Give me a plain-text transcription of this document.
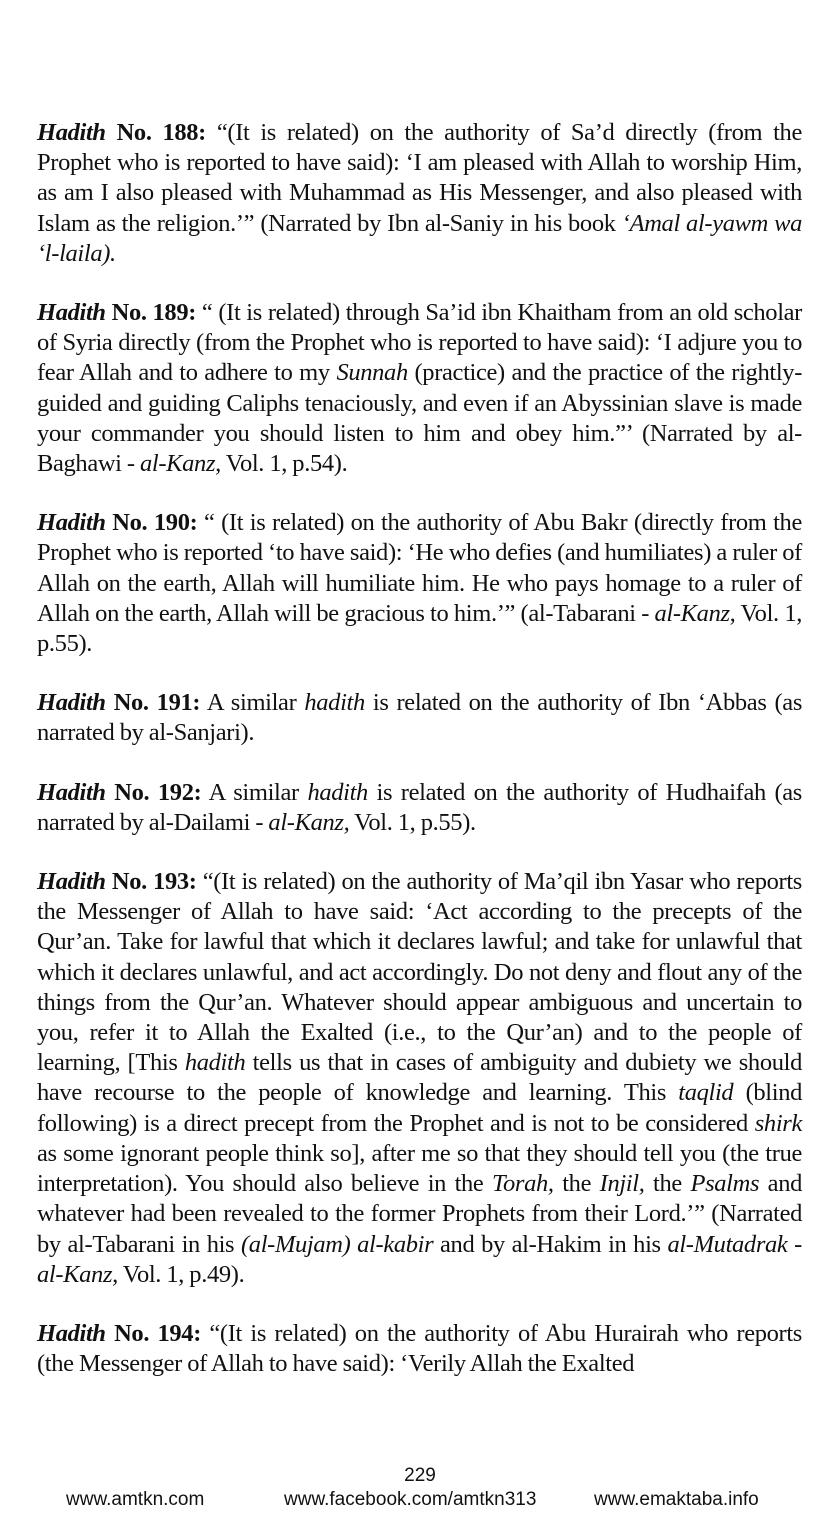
Hadith No. 188: “(It is related) on the authority of Sa’d directly (from the Prophet who is reported to have said): ‘I am pleased with Allah to worship Him, as am I also pleased with Muhammad as His Messenger, and also pleased with Islam as the religion.’” (Narrated by Ibn al-Saniy in his book ‘Amal al-yawm wa ‘l-laila).

Hadith No. 189: “ (It is related) through Sa’id ibn Khaitham from an old scholar of Syria directly (from the Prophet who is reported to have said): ‘I adjure you to fear Allah and to adhere to my Sunnah (practice) and the practice of the rightly-guided and guiding Caliphs tenaciously, and even if an Abyssinian slave is made your commander you should listen to him and obey him.”’ (Narrated by al-Baghawi - al-Kanz, Vol. 1, p.54).

Hadith No. 190: “ (It is related) on the authority of Abu Bakr (directly from the Prophet who is reported ‘to have said): ‘He who defies (and humiliates) a ruler of Allah on the earth, Allah will humiliate him. He who pays homage to a ruler of Allah on the earth, Allah will be gracious to him.’” (al-Tabarani - al-Kanz, Vol. 1, p.55).

Hadith No. 191: A similar hadith is related on the authority of Ibn ‘Abbas (as narrated by al-Sanjari).

Hadith No. 192: A similar hadith is related on the authority of Hudhaifah (as narrated by al-Dailami - al-Kanz, Vol. 1, p.55).

Hadith No. 193: “(It is related) on the authority of Ma’qil ibn Yasar who reports the Messenger of Allah to have said: ‘Act according to the precepts of the Qur’an. Take for lawful that which it declares lawful; and take for unlawful that which it declares unlawful, and act accordingly. Do not deny and flout any of the things from the Qur’an. Whatever should appear ambiguous and uncertain to you, refer it to Allah the Exalted (i.e., to the Qur’an) and to the people of learning, [This hadith tells us that in cases of ambiguity and dubiety we should have recourse to the people of knowledge and learning. This taqlid (blind following) is a direct precept from the Prophet and is not to be considered shirk as some ignorant people think so], after me so that they should tell you (the true interpretation). You should also believe in the Torah, the Injil, the Psalms and whatever had been revealed to the former Prophets from their Lord.’” (Narrated by al-Tabarani in his (al-Mujam) al-kabir and by al-Hakim in his al-Mutadrak - al-Kanz, Vol. 1, p.49).

Hadith No. 194: “(It is related) on the authority of Abu Hurairah who reports (the Messenger of Allah to have said): ‘Verily Allah the Exalted

229
www.amtkn.com	www.facebook.com/amtkn313	www.emaktaba.info
